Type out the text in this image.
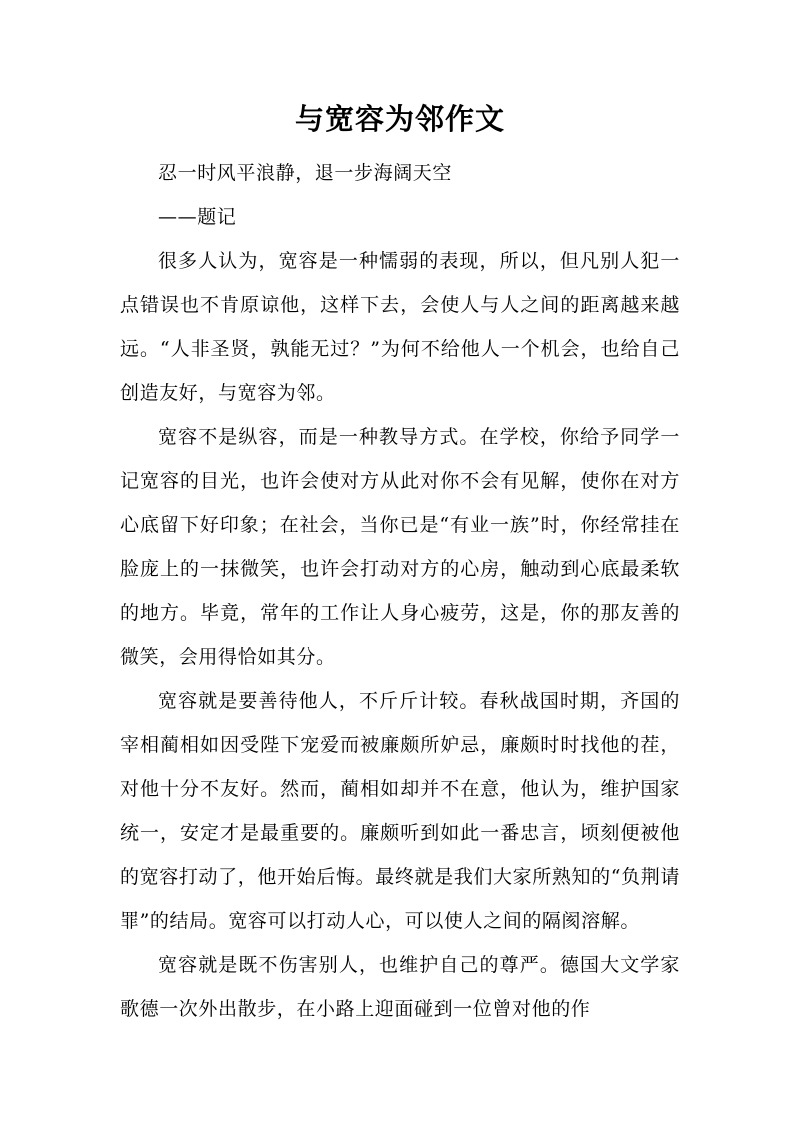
与宽容为邻作文

忍一时风平浪静，退一步海阔天空

——题记

很多人认为，宽容是一种懦弱的表现，所以，但凡别人犯一点错误也不肯原谅他，这样下去，会使人与人之间的距离越来越远。“人非圣贤，孰能无过？”为何不给他人一个机会，也给自己创造友好，与宽容为邻。

宽容不是纵容，而是一种教导方式。在学校，你给予同学一记宽容的目光，也许会使对方从此对你不会有见解，使你在对方心底留下好印象；在社会，当你已是“有业一族”时，你经常挂在脸庞上的一抹微笑，也许会打动对方的心房，触动到心底最柔软的地方。毕竟，常年的工作让人身心疲劳，这是，你的那友善的微笑，会用得恰如其分。

宽容就是要善待他人，不斤斤计较。春秋战国时期，齐国的宰相蔺相如因受陛下宠爱而被廉颇所妒忌，廉颇时时找他的茬，对他十分不友好。然而，蔺相如却并不在意，他认为，维护国家统一，安定才是最重要的。廉颇听到如此一番忠言，顷刻便被他的宽容打动了，他开始后悔。最终就是我们大家所熟知的“负荆请罪”的结局。宽容可以打动人心，可以使人之间的隔阂溶解。

宽容就是既不伤害别人，也维护自己的尊严。德国大文学家歌德一次外出散步，在小路上迎面碰到一位曾对他的作
